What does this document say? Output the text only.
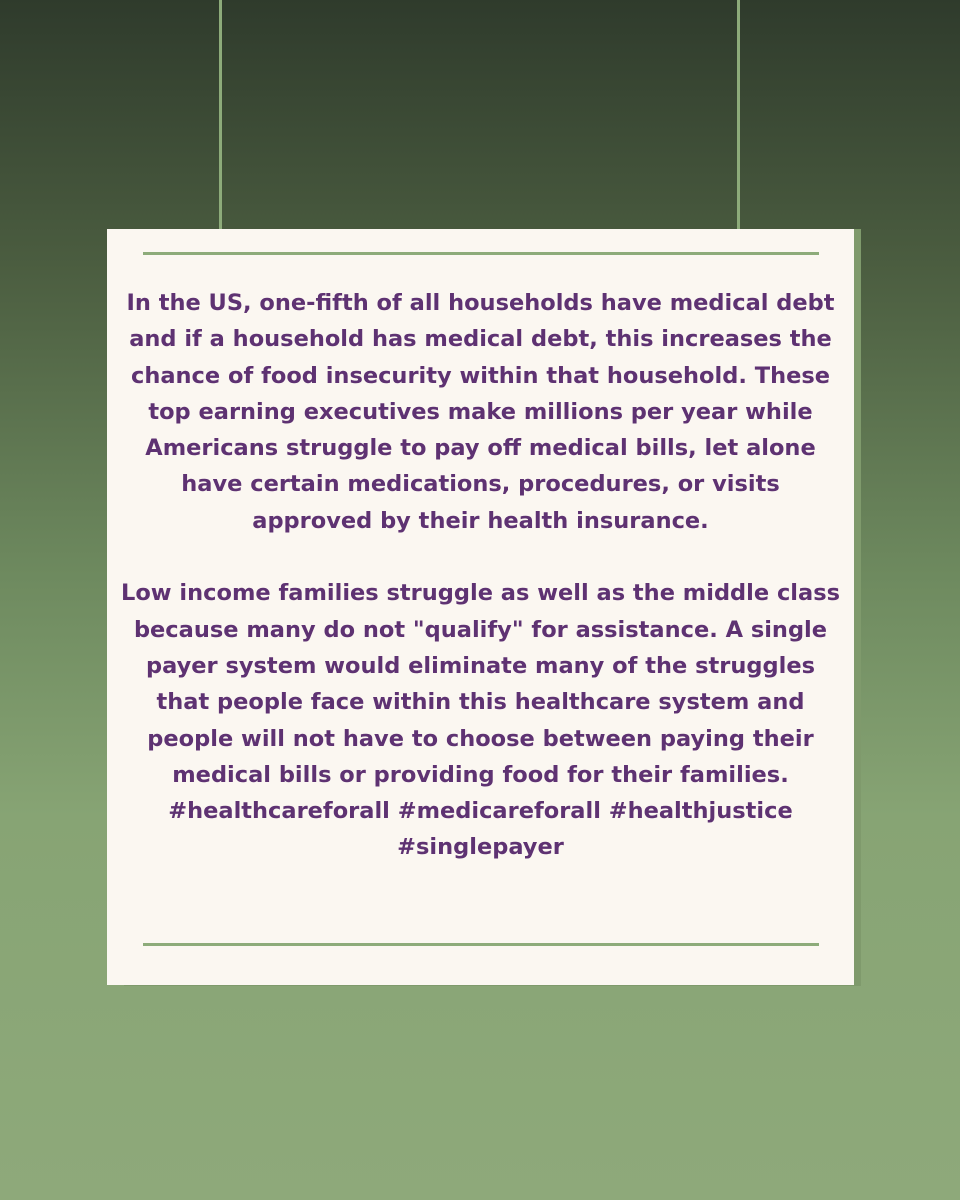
In the US, one-fifth of all households have medical debt
and if a household has medical debt, this increases the
chance of food insecurity within that household. These
top earning executives make millions per year while
Americans struggle to pay off medical bills, let alone
have certain medications, procedures, or visits
approved by their health insurance.

Low income families struggle as well as the middle class
because many do not "qualify" for assistance. A single
payer system would eliminate many of the struggles
that people face within this healthcare system and
people will not have to choose between paying their
medical bills or providing food for their families.
#healthcareforall #medicareforall #healthjustice
#singlepayer
